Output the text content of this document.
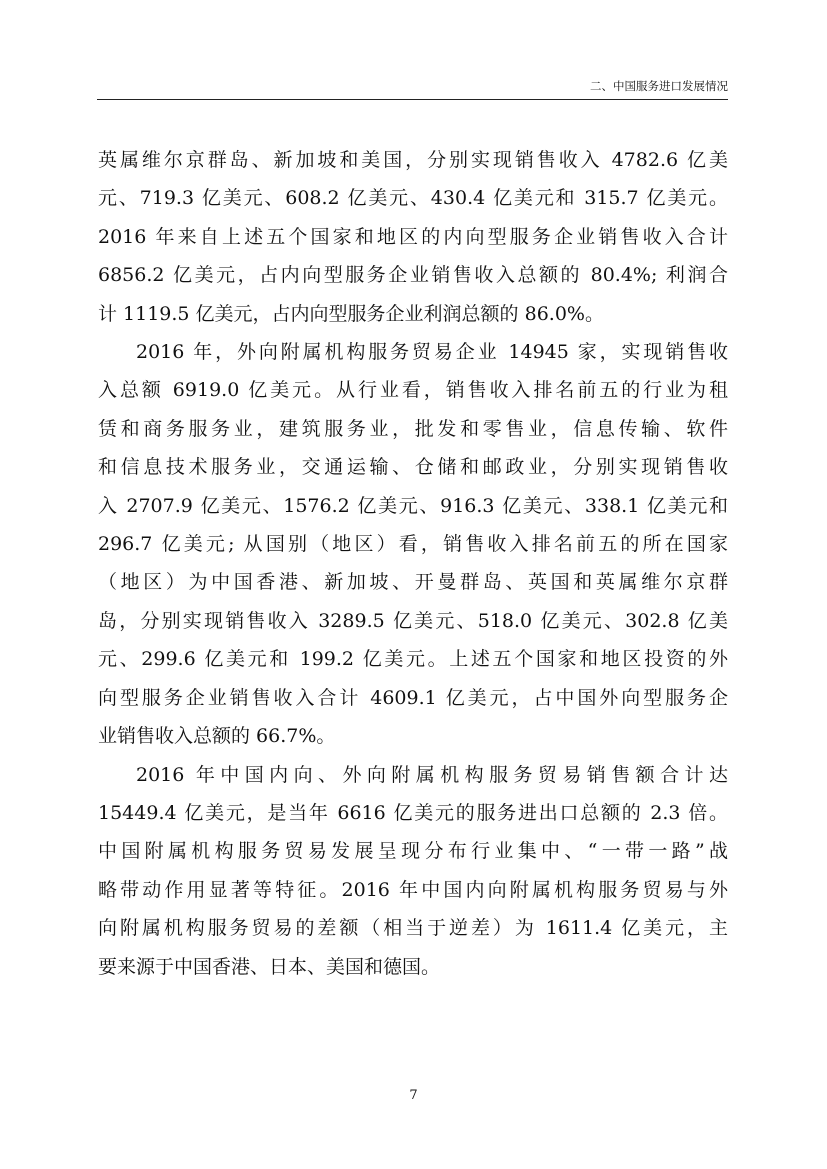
二、中国服务进口发展情况

英属维尔京群岛、新加坡和美国，分别实现销售收入 4782.6 亿美
元、719.3 亿美元、608.2 亿美元、430.4 亿美元和 315.7 亿美元。
2016 年来自上述五个国家和地区的内向型服务企业销售收入合计
6856.2 亿美元，占内向型服务企业销售收入总额的 80.4%; 利润合
计 1119.5 亿美元，占内向型服务企业利润总额的 86.0%。

2016 年，外向附属机构服务贸易企业 14945 家，实现销售收
入总额 6919.0 亿美元。从行业看，销售收入排名前五的行业为租
赁和商务服务业，建筑服务业，批发和零售业，信息传输、软件
和信息技术服务业，交通运输、仓储和邮政业，分别实现销售收
入 2707.9 亿美元、1576.2 亿美元、916.3 亿美元、338.1 亿美元和
296.7 亿美元; 从国别（地区）看，销售收入排名前五的所在国家
（地区）为中国香港、新加坡、开曼群岛、英国和英属维尔京群
岛，分别实现销售收入 3289.5 亿美元、518.0 亿美元、302.8 亿美
元、299.6 亿美元和 199.2 亿美元。上述五个国家和地区投资的外
向型服务企业销售收入合计 4609.1 亿美元，占中国外向型服务企
业销售收入总额的 66.7%。

2016 年中国内向、外向附属机构服务贸易销售额合计达
15449.4 亿美元，是当年 6616 亿美元的服务进出口总额的 2.3 倍。
中国附属机构服务贸易发展呈现分布行业集中、“一带一路”战
略带动作用显著等特征。2016 年中国内向附属机构服务贸易与外
向附属机构服务贸易的差额（相当于逆差）为 1611.4 亿美元，主
要来源于中国香港、日本、美国和德国。

7
